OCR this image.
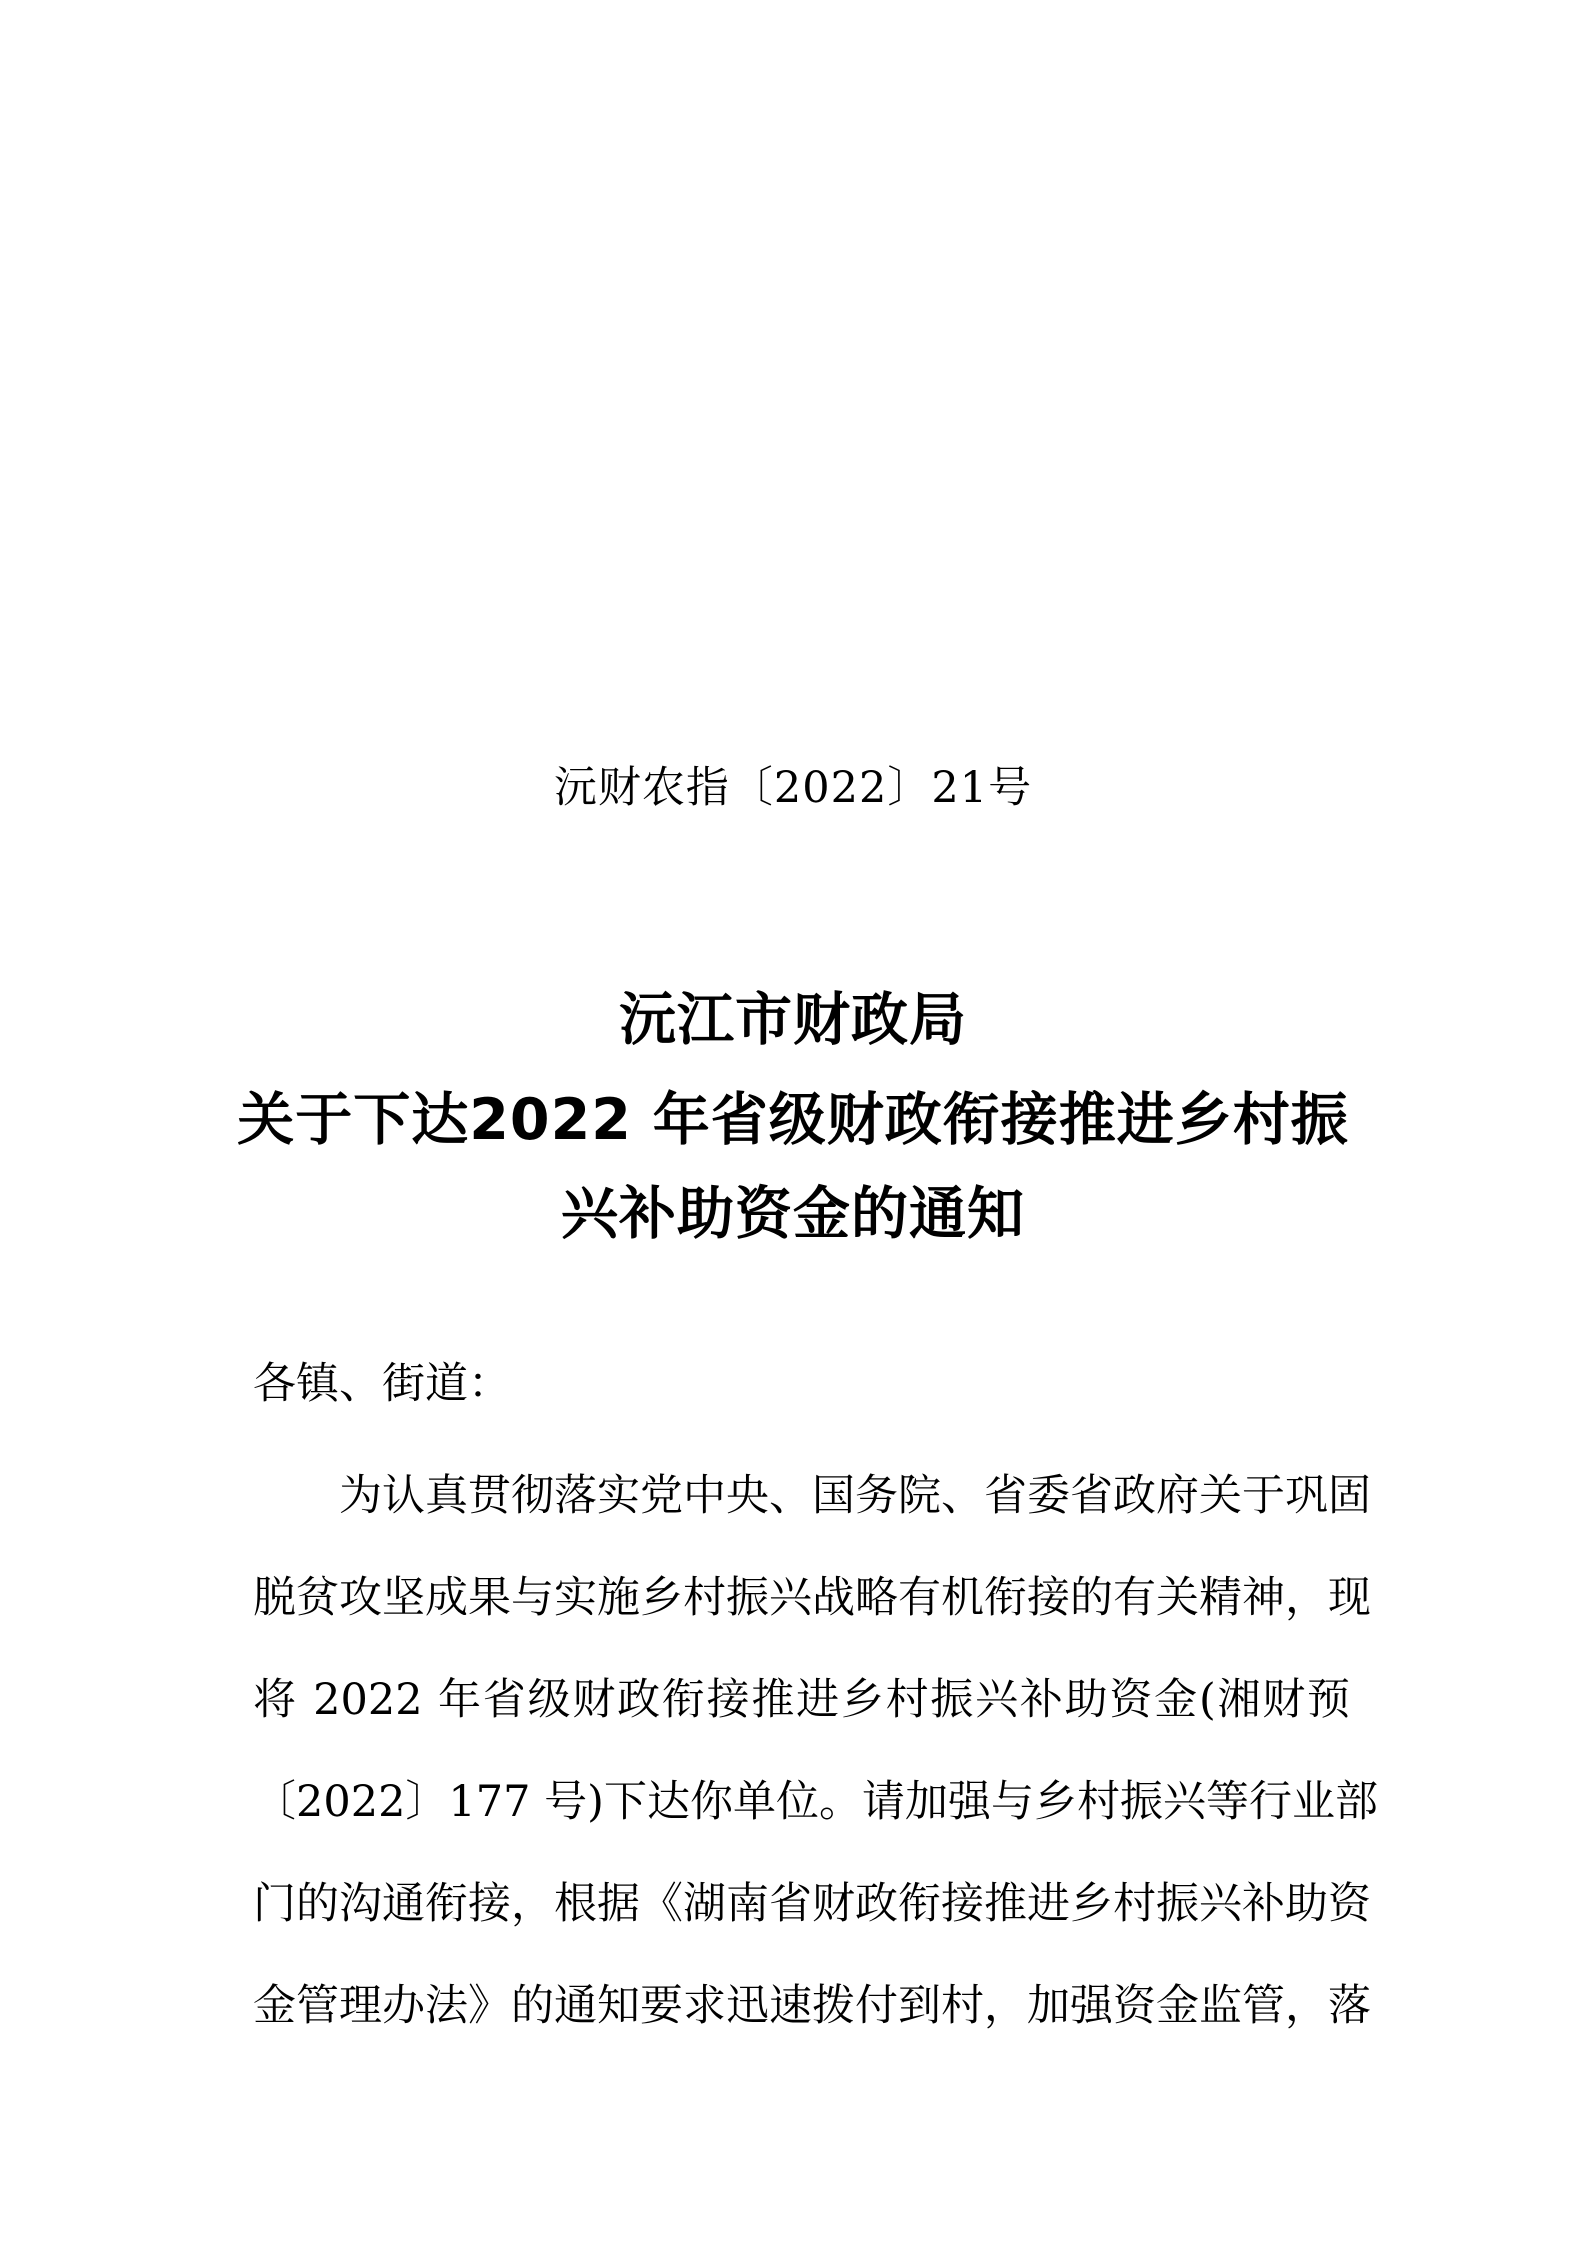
沅财农指〔2022〕21号
沅江市财政局
关于下达2022 年省级财政衔接推进乡村振
兴补助资金的通知
各镇、街道：
为认真贯彻落实党中央、国务院、省委省政府关于巩固
脱贫攻坚成果与实施乡村振兴战略有机衔接的有关精神，现
将 2022 年省级财政衔接推进乡村振兴补助资金(湘财预
〔2022〕177 号)下达你单位。请加强与乡村振兴等行业部
门的沟通衔接，根据《湖南省财政衔接推进乡村振兴补助资
金管理办法》的通知要求迅速拨付到村，加强资金监管，落
